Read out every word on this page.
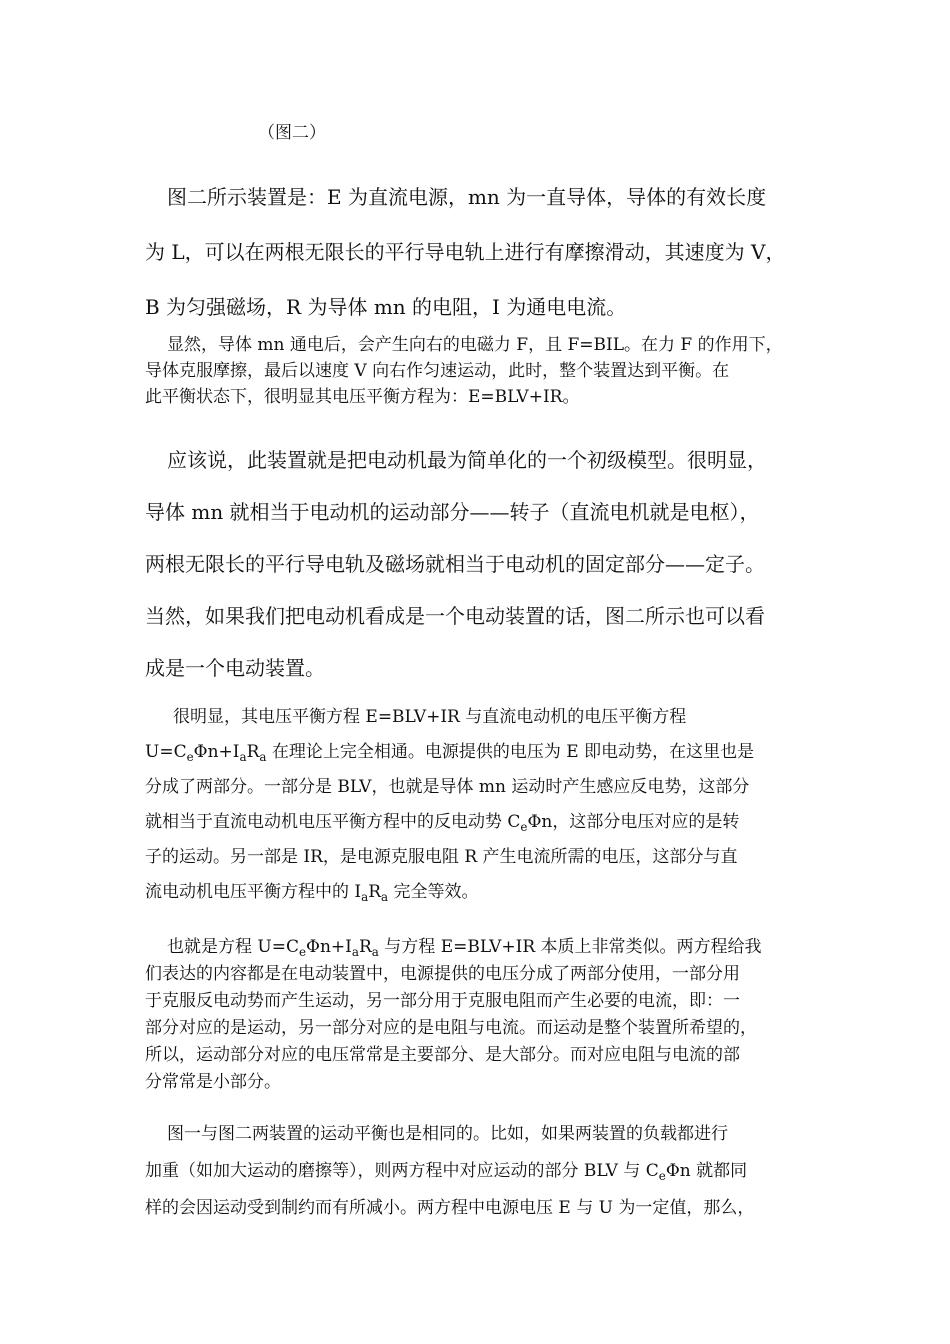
（图二）
图二所示装置是：E 为直流电源，mn 为一直导体，导体的有效长度
为 L，可以在两根无限长的平行导电轨上进行有摩擦滑动，其速度为 V，
B 为匀强磁场，R 为导体 mn 的电阻，I 为通电电流。
显然，导体 mn 通电后，会产生向右的电磁力 F，且 F=BIL。在力 F 的作用下，
导体克服摩擦，最后以速度 V 向右作匀速运动，此时，整个装置达到平衡。在
此平衡状态下，很明显其电压平衡方程为：E=BLV+IR。
应该说，此装置就是把电动机最为简单化的一个初级模型。很明显，
导体 mn 就相当于电动机的运动部分——转子（直流电机就是电枢），
两根无限长的平行导电轨及磁场就相当于电动机的固定部分——定子。
当然，如果我们把电动机看成是一个电动装置的话，图二所示也可以看
成是一个电动装置。
很明显，其电压平衡方程 E=BLV+IR 与直流电动机的电压平衡方程
$U=C_e\Phi n+I_aR_a$ 在理论上完全相通。电源提供的电压为 E 即电动势，在这里也是
分成了两部分。一部分是 BLV，也就是导体 mn 运动时产生感应反电势，这部分
就相当于直流电动机电压平衡方程中的反电动势 $C_e\Phi n$，这部分电压对应的是转
子的运动。另一部是 IR，是电源克服电阻 R 产生电流所需的电压，这部分与直
流电动机电压平衡方程中的 $I_aR_a$ 完全等效。
也就是方程 $U=C_e\Phi n+I_aR_a$ 与方程 E=BLV+IR 本质上非常类似。两方程给我
们表达的内容都是在电动装置中，电源提供的电压分成了两部分使用，一部分用
于克服反电动势而产生运动，另一部分用于克服电阻而产生必要的电流，即：一
部分对应的是运动，另一部分对应的是电阻与电流。而运动是整个装置所希望的，
所以，运动部分对应的电压常常是主要部分、是大部分。而对应电阻与电流的部
分常常是小部分。
图一与图二两装置的运动平衡也是相同的。比如，如果两装置的负载都进行
加重（如加大运动的磨擦等），则两方程中对应运动的部分 BLV 与 $C_e\Phi n$ 就都同
样的会因运动受到制约而有所减小。两方程中电源电压 E 与 U 为一定值，那么，
